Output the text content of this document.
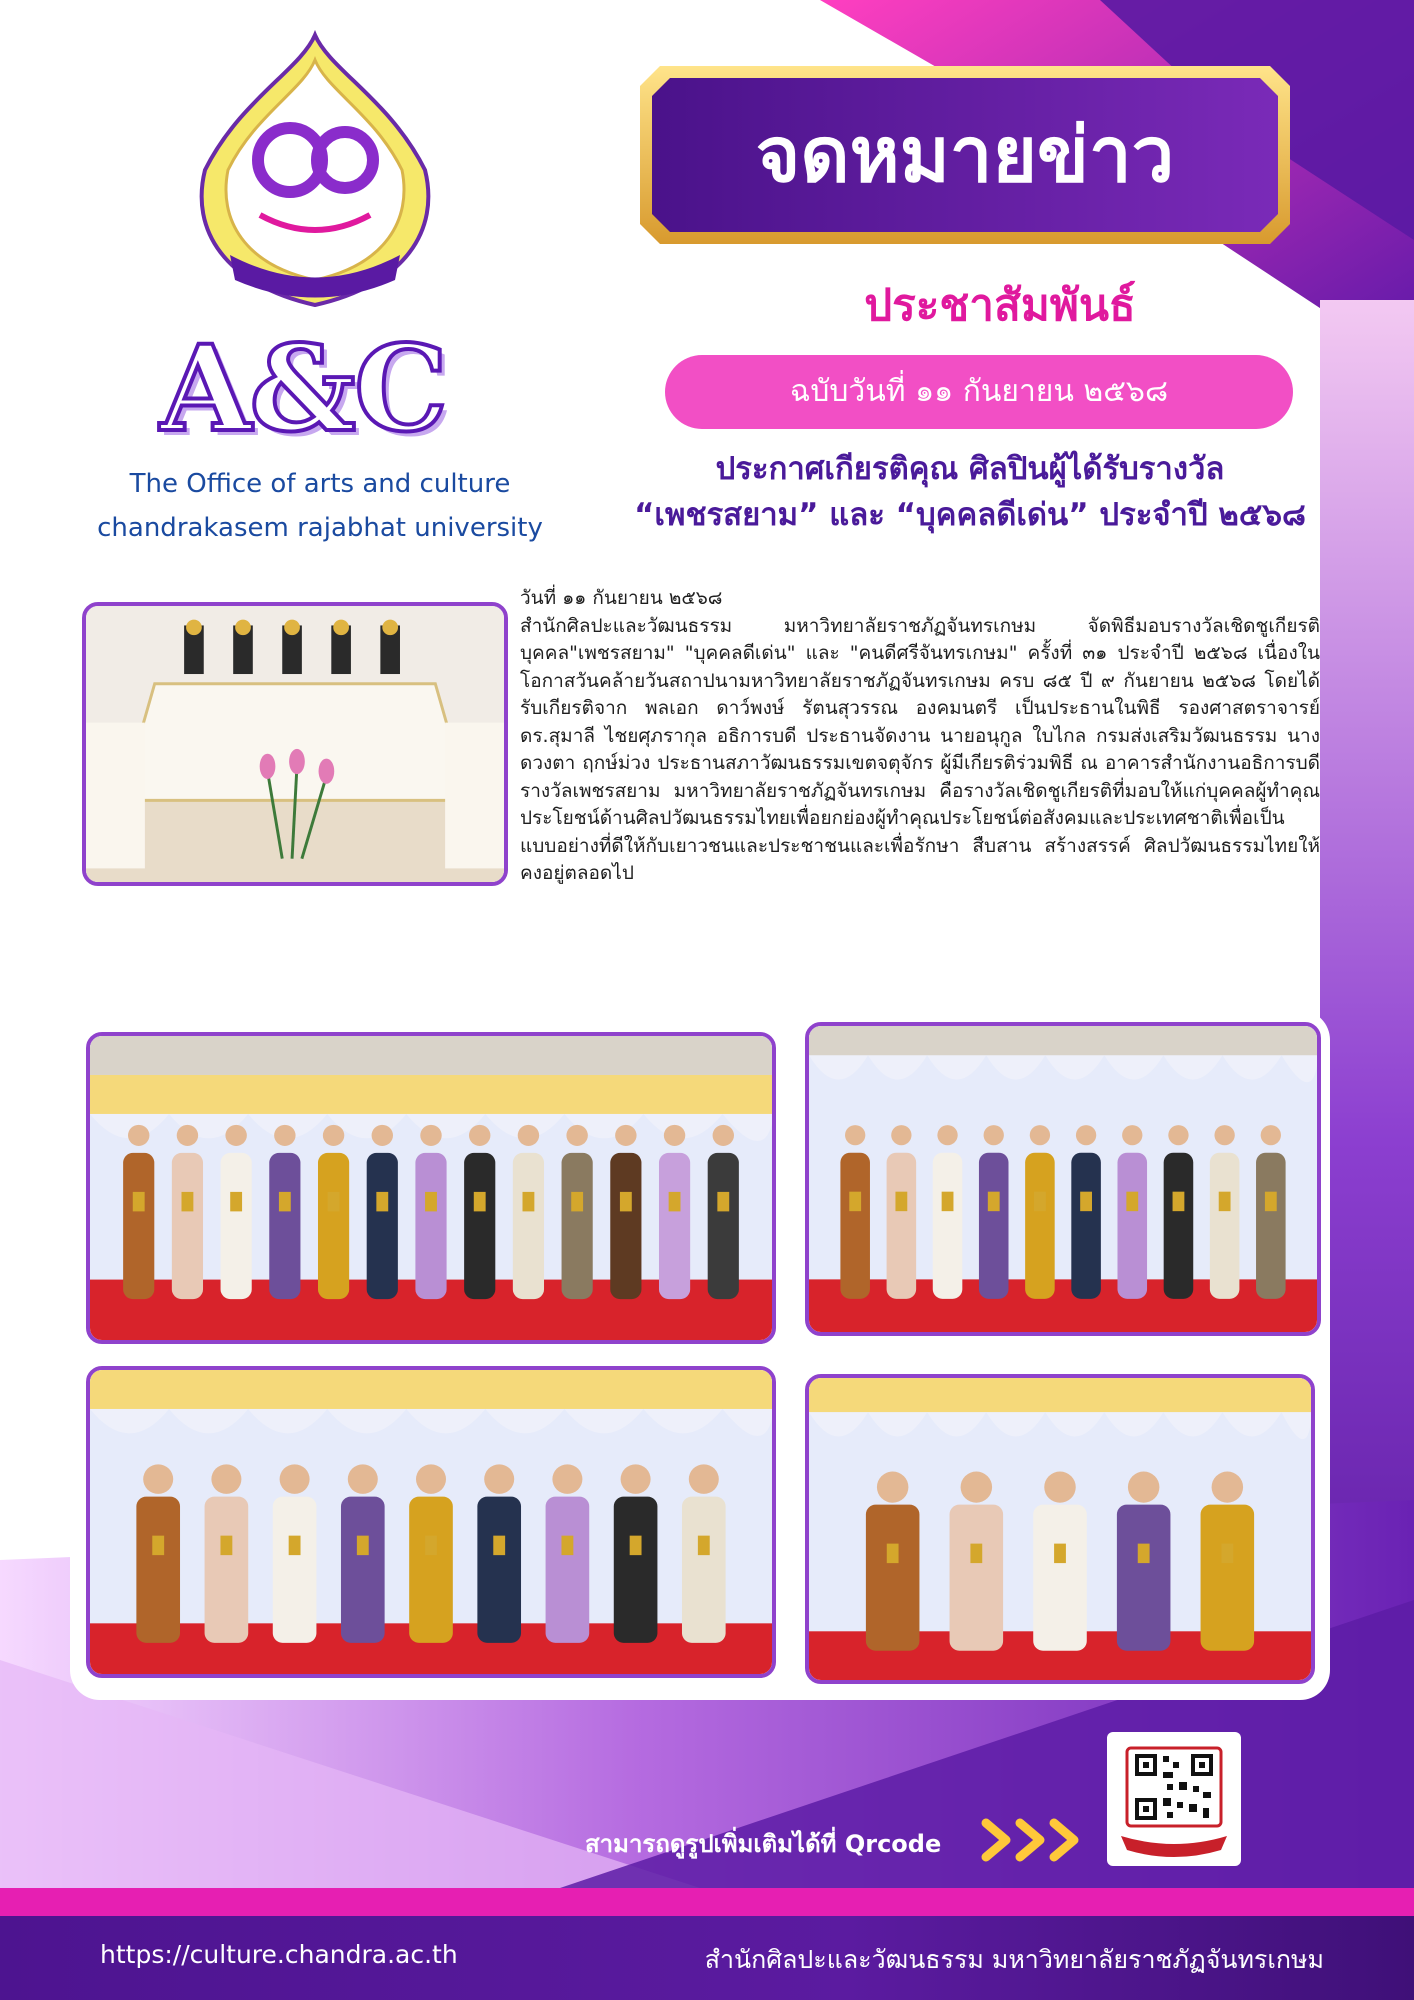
A&C
The Office of arts and culture
chandrakasem rajabhat university
จดหมายข่าว
ประชาสัมพันธ์
ฉบับวันที่ ๑๑ กันยายน ๒๕๖๘
ประกาศเกียรติคุณ ศิลปินผู้ได้รับรางวัล
“เพชรสยาม” และ “บุคคลดีเด่น” ประจำปี ๒๕๖๘

วันที่ ๑๑ กันยายน ๒๕๖๘

สำนักศิลปะและวัฒนธรรม มหาวิทยาลัยราชภัฏจันทรเกษม จัดพิธีมอบรางวัลเชิดชูเกียรติบุคคล"เพชรสยาม" "บุคคลดีเด่น" และ "คนดีศรีจันทรเกษม" ครั้งที่ ๓๑ ประจำปี ๒๕๖๘ เนื่องในโอกาสวันคล้ายวันสถาปนามหาวิทยาลัยราชภัฏจันทรเกษม ครบ ๘๕ ปี ๙ กันยายน ๒๕๖๘ โดยได้รับเกียรติจาก พลเอก ดาว์พงษ์ รัตนสุวรรณ องคมนตรี เป็นประธานในพิธี รองศาสตราจารย์ ดร.สุมาลี ไชยศุภรากุล อธิการบดี ประธานจัดงาน นายอนุกูล ใบไกล กรมส่งเสริมวัฒนธรรม นางดวงตา ฤกษ์ม่วง ประธานสภาวัฒนธรรมเขตจตุจักร ผู้มีเกียรติร่วมพิธี ณ อาคารสำนักงานอธิการบดี รางวัลเพชรสยาม มหาวิทยาลัยราชภัฏจันทรเกษม คือรางวัลเชิดชูเกียรติที่มอบให้แก่บุคคลผู้ทำคุณประโยชน์ด้านศิลปวัฒนธรรมไทยเพื่อยกย่องผู้ทำคุณประโยชน์ต่อสังคมและประเทศชาติเพื่อเป็นแบบอย่างที่ดีให้กับเยาวชนและประชาชนและเพื่อรักษา สืบสาน สร้างสรรค์ ศิลปวัฒนธรรมไทยให้คงอยู่ตลอดไป

สามารถดูรูปเพิ่มเติมได้ที่ Qrcode
https://culture.chandra.ac.th	สำนักศิลปะและวัฒนธรรม มหาวิทยาลัยราชภัฏจันทรเกษม
